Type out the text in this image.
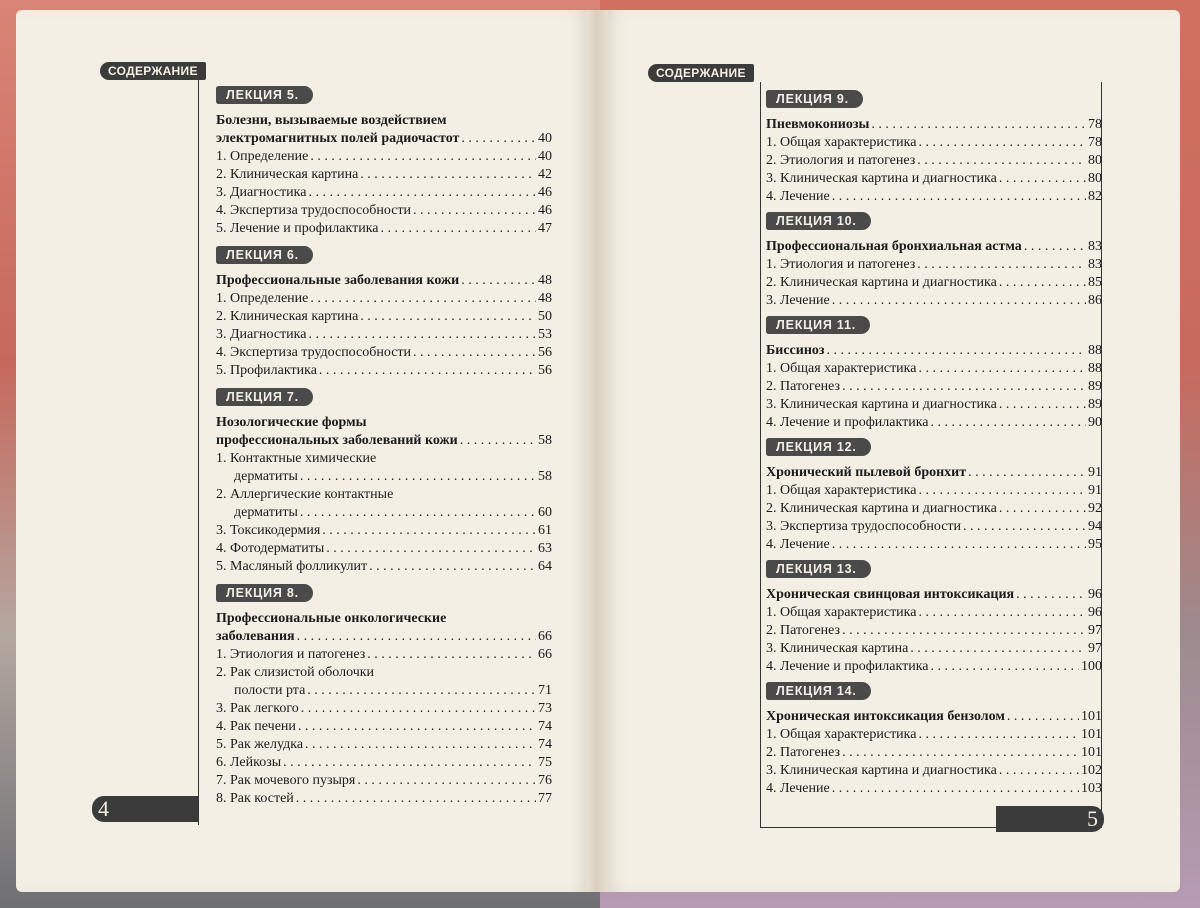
СОДЕРЖАНИЕ
ЛЕКЦИЯ 5.
Болезни, вызываемые воздействием
электромагнитных полей радиочастот . . .	40
1. Определение . . .	40
2. Клиническая картина . . .	42
3. Диагностика . . .	46
4. Экспертиза трудоспособности . . .	46
5. Лечение и профилактика . . .	47
ЛЕКЦИЯ 6.
Профессиональные заболевания кожи . . .	48
1. Определение . . .	48
2. Клиническая картина . . .	50
3. Диагностика . . .	53
4. Экспертиза трудоспособности . . .	56
5. Профилактика . . .	56
ЛЕКЦИЯ 7.
Нозологические формы
профессиональных заболеваний кожи . . .	58
1. Контактные химические
дерматиты . . .	58
2. Аллергические контактные
дерматиты . . .	60
3. Токсикодермия . . .	61
4. Фотодерматиты . . .	63
5. Масляный фолликулит . . .	64
ЛЕКЦИЯ 8.
Профессиональные онкологические
заболевания . . .	66
1. Этиология и патогенез . . .	66
2. Рак слизистой оболочки
полости рта . . .	71
3. Рак легкого . . .	73
4. Рак печени . . .	74
5. Рак желудка . . .	74
6. Лейкозы . . .	75
7. Рак мочевого пузыря . . .	76
8. Рак костей . . .	77
4
СОДЕРЖАНИЕ
ЛЕКЦИЯ 9.
Пневмокониозы . . .	78
1. Общая характеристика . . .	78
2. Этиология и патогенез . . .	80
3. Клиническая картина и диагностика . . .	80
4. Лечение . . .	82
ЛЕКЦИЯ 10.
Профессиональная бронхиальная астма . . .	83
1. Этиология и патогенез . . .	83
2. Клиническая картина и диагностика . . .	85
3. Лечение . . .	86
ЛЕКЦИЯ 11.
Биссиноз . . .	88
1. Общая характеристика . . .	88
2. Патогенез . . .	89
3. Клиническая картина и диагностика . . .	89
4. Лечение и профилактика . . .	90
ЛЕКЦИЯ 12.
Хронический пылевой бронхит . . .	91
1. Общая характеристика . . .	91
2. Клиническая картина и диагностика . . .	92
3. Экспертиза трудоспособности . . .	94
4. Лечение . . .	95
ЛЕКЦИЯ 13.
Хроническая свинцовая интоксикация . . .	96
1. Общая характеристика . . .	96
2. Патогенез . . .	97
3. Клиническая картина . . .	97
4. Лечение и профилактика . . .	100
ЛЕКЦИЯ 14.
Хроническая интоксикация бензолом . . .	101
1. Общая характеристика . . .	101
2. Патогенез . . .	101
3. Клиническая картина и диагностика . . .	102
4. Лечение . . .	103
5
